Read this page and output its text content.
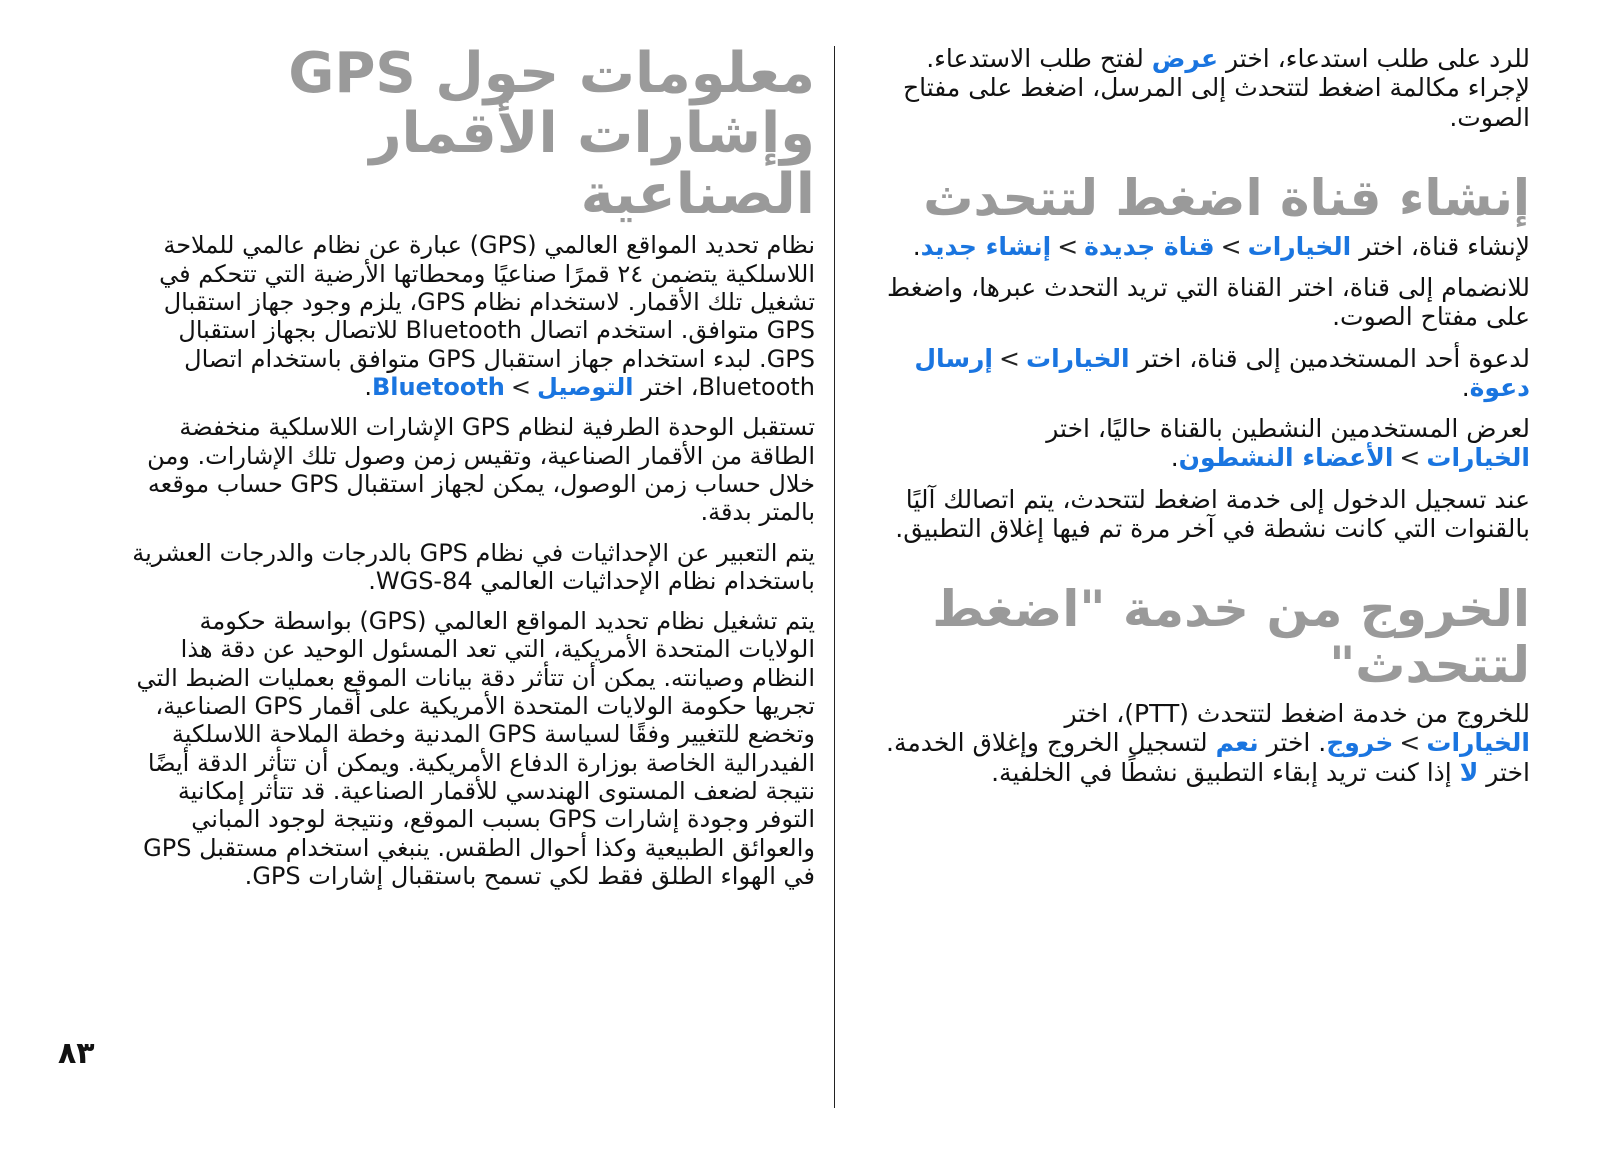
للرد على طلب استدعاء، اختر عرض لفتح طلب الاستدعاء. لإجراء مكالمة اضغط لتتحدث إلى المرسل، اضغط على مفتاح الصوت.

إنشاء قناة اضغط لتتحدث

لإنشاء قناة، اختر الخيارات>قناة جديدة>إنشاء جديد.

للانضمام إلى قناة، اختر القناة التي تريد التحدث عبرها، واضغط على مفتاح الصوت.

لدعوة أحد المستخدمين إلى قناة، اختر الخيارات>إرسال دعوة.

لعرض المستخدمين النشطين بالقناة حاليًا، اختر الخيارات>الأعضاء النشطون.

عند تسجيل الدخول إلى خدمة اضغط لتتحدث، يتم اتصالك آليًا بالقنوات التي كانت نشطة في آخر مرة تم فيها إغلاق التطبيق.

الخروج من خدمة "اضغط لتتحدث"

للخروج من خدمة اضغط لتتحدث (PTT)، اختر الخيارات>خروج. اختر نعم لتسجيل الخروج وإغلاق الخدمة. اختر لا إذا كنت تريد إبقاء التطبيق نشطًا في الخلفية.

معلومات حول GPS وإشارات الأقمار الصناعية

نظام تحديد المواقع العالمي (GPS) عبارة عن نظام عالمي للملاحة اللاسلكية يتضمن ٢٤ قمرًا صناعيًا ومحطاتها الأرضية التي تتحكم في تشغيل تلك الأقمار. لاستخدام نظام GPS، يلزم وجود جهاز استقبال GPS متوافق. استخدم اتصال Bluetooth للاتصال بجهاز استقبال GPS. لبدء استخدام جهاز استقبال GPS متوافق باستخدام اتصال Bluetooth، اختر التوصيل>Bluetooth.

تستقبل الوحدة الطرفية لنظام GPS الإشارات اللاسلكية منخفضة الطاقة من الأقمار الصناعية، وتقيس زمن وصول تلك الإشارات. ومن خلال حساب زمن الوصول، يمكن لجهاز استقبال GPS حساب موقعه بالمتر بدقة.

يتم التعبير عن الإحداثيات في نظام GPS بالدرجات والدرجات العشرية باستخدام نظام الإحداثيات العالمي WGS-84.

يتم تشغيل نظام تحديد المواقع العالمي (GPS) بواسطة حكومة الولايات المتحدة الأمريكية، التي تعد المسئول الوحيد عن دقة هذا النظام وصيانته. يمكن أن تتأثر دقة بيانات الموقع بعمليات الضبط التي تجريها حكومة الولايات المتحدة الأمريكية على أقمار GPS الصناعية، وتخضع للتغيير وفقًا لسياسة GPS المدنية وخطة الملاحة اللاسلكية الفيدرالية الخاصة بوزارة الدفاع الأمريكية. ويمكن أن تتأثر الدقة أيضًا نتيجة لضعف المستوى الهندسي للأقمار الصناعية. قد تتأثر إمكانية التوفر وجودة إشارات GPS بسبب الموقع، ونتيجة لوجود المباني والعوائق الطبيعية وكذا أحوال الطقس. ينبغي استخدام مستقبل GPS في الهواء الطلق فقط لكي تسمح باستقبال إشارات GPS.

٨٣
